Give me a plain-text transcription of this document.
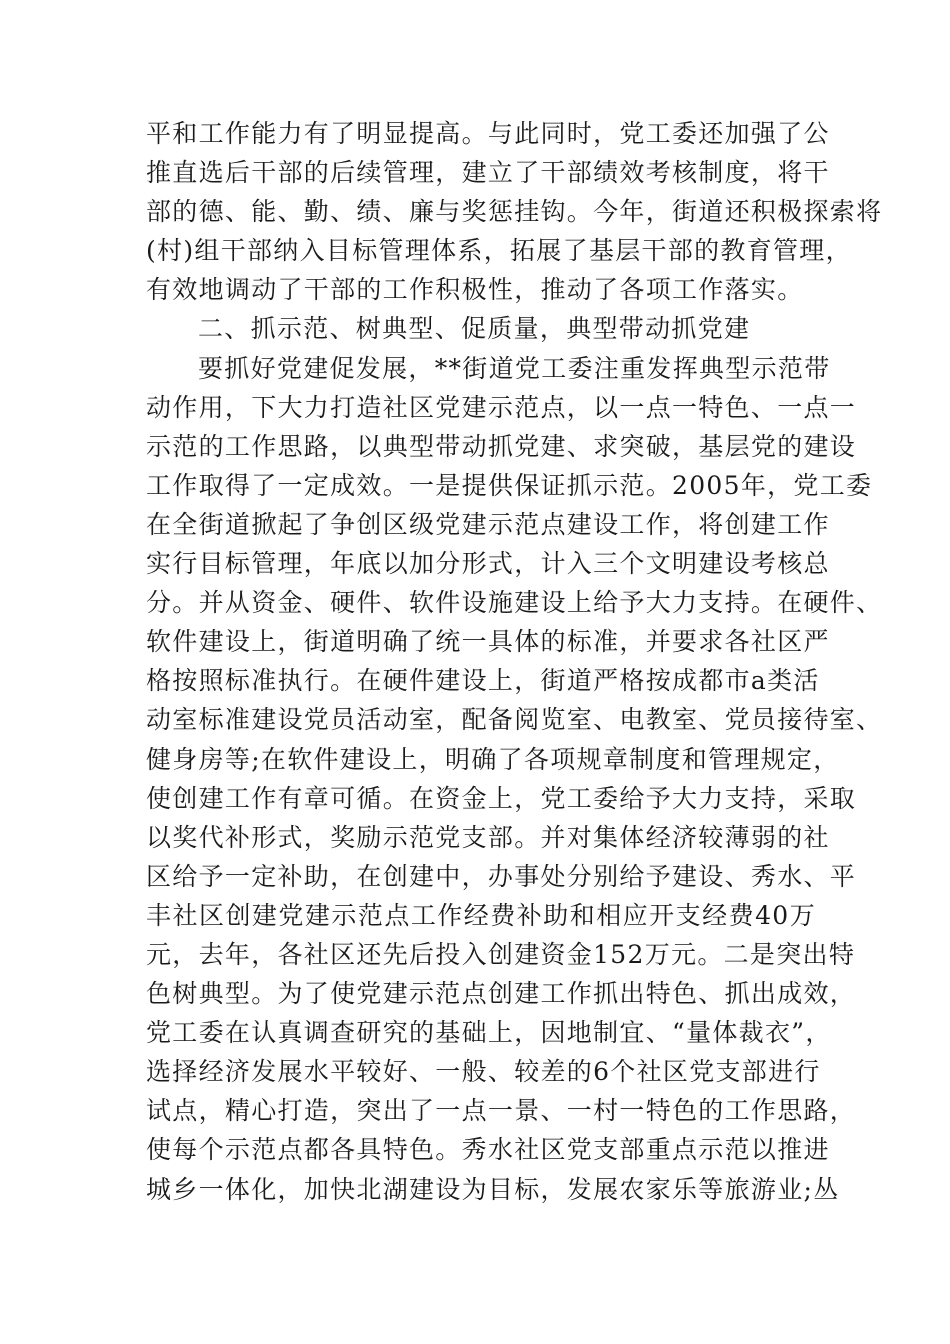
平和工作能力有了明显提高。与此同时，党工委还加强了公
推直选后干部的后续管理，建立了干部绩效考核制度，将干
部的德、能、勤、绩、廉与奖惩挂钩。今年，街道还积极探索将
(村)组干部纳入目标管理体系，拓展了基层干部的教育管理，
有效地调动了干部的工作积极性，推动了各项工作落实。
二、抓示范、树典型、促质量，典型带动抓党建
要抓好党建促发展，**街道党工委注重发挥典型示范带
动作用，下大力打造社区党建示范点，以一点一特色、一点一
示范的工作思路，以典型带动抓党建、求突破，基层党的建设
工作取得了一定成效。一是提供保证抓示范。2005年，党工委
在全街道掀起了争创区级党建示范点建设工作，将创建工作
实行目标管理，年底以加分形式，计入三个文明建设考核总
分。并从资金、硬件、软件设施建设上给予大力支持。在硬件、
软件建设上，街道明确了统一具体的标准，并要求各社区严
格按照标准执行。在硬件建设上，街道严格按成都市a类活
动室标准建设党员活动室，配备阅览室、电教室、党员接待室、
健身房等;在软件建设上，明确了各项规章制度和管理规定，
使创建工作有章可循。在资金上，党工委给予大力支持，采取
以奖代补形式，奖励示范党支部。并对集体经济较薄弱的社
区给予一定补助，在创建中，办事处分别给予建设、秀水、平
丰社区创建党建示范点工作经费补助和相应开支经费40万
元，去年，各社区还先后投入创建资金152万元。二是突出特
色树典型。为了使党建示范点创建工作抓出特色、抓出成效，
党工委在认真调查研究的基础上，因地制宜、“量体裁衣”，
选择经济发展水平较好、一般、较差的6个社区党支部进行
试点，精心打造，突出了一点一景、一村一特色的工作思路，
使每个示范点都各具特色。秀水社区党支部重点示范以推进
城乡一体化，加快北湖建设为目标，发展农家乐等旅游业;丛
